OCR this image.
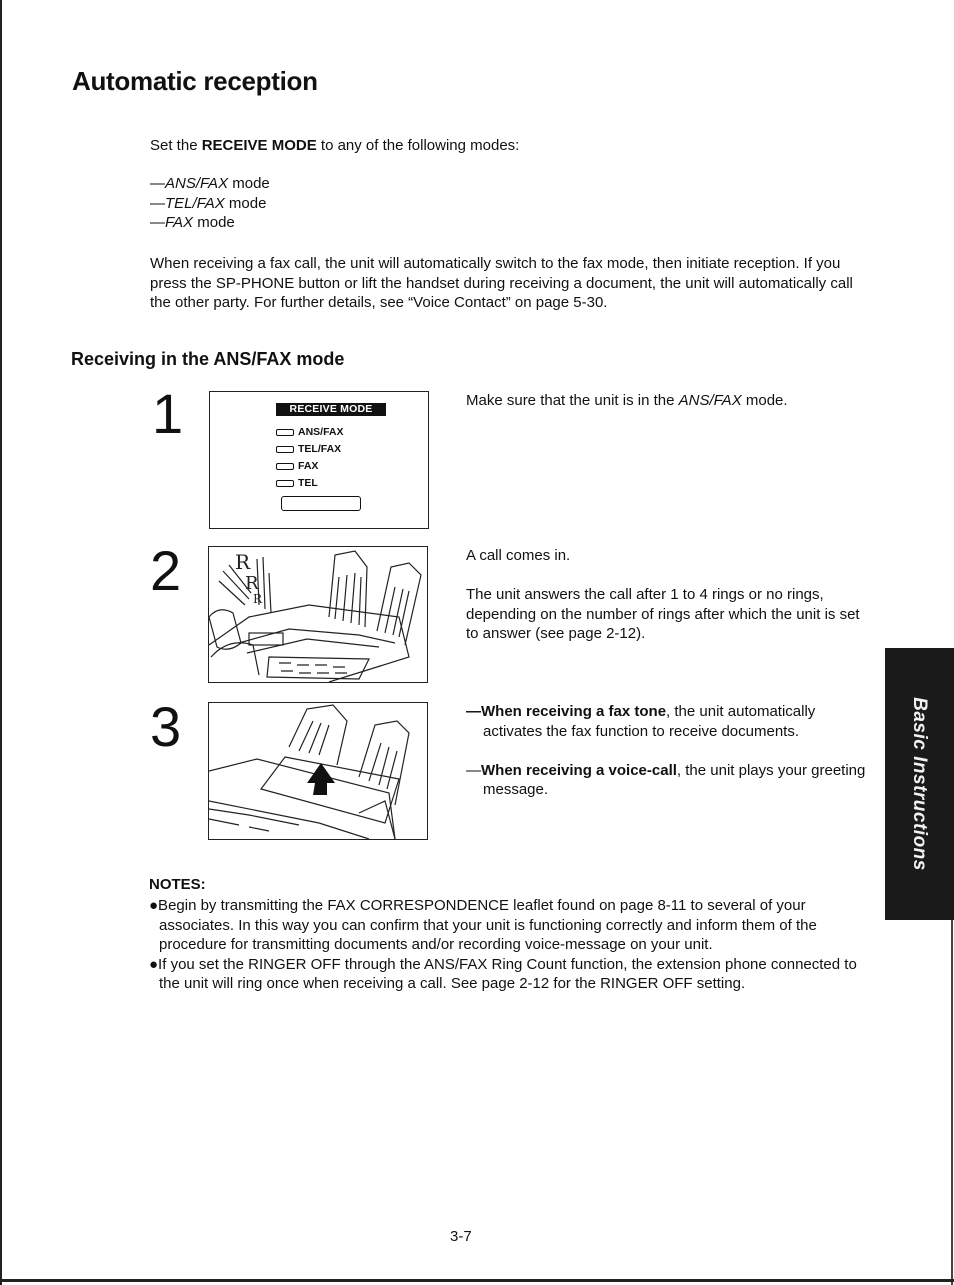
Automatic reception

Set the RECEIVE MODE to any of the following modes:

—ANS/FAX mode
—TEL/FAX mode
—FAX mode

When receiving a fax call, the unit will automatically switch to the fax mode, then initiate reception. If you press the SP-PHONE button or lift the handset during receiving a document, the unit will automatically call the other party. For further details, see “Voice Contact” on page 5-30.

Receiving in the ANS/FAX mode
1	RECEIVE MODE
ANS/FAX
TEL/FAX
FAX
TEL

Make sure that the unit is in the ANS/FAX mode.

2	R
R
R

A call comes in.

The unit answers the call after 1 to 4 rings or no rings, depending on the number of rings after which the unit is set to answer (see page 2-12).

3	—When receiving a fax tone, the unit automatically activates the fax function to receive documents.

—When receiving a voice-call, the unit plays your greeting message.

NOTES:

●Begin by transmitting the FAX CORRESPONDENCE leaflet found on page 8-11 to several of your associates. In this way you can confirm that your unit is functioning correctly and inform them of the procedure for transmitting documents and/or recording voice-message on your unit.
●If you set the RINGER OFF through the ANS/FAX Ring Count function, the extension phone connected to the unit will ring once when receiving a call. See page 2-12 for the RINGER OFF setting.
Basic Instructions
3-7
